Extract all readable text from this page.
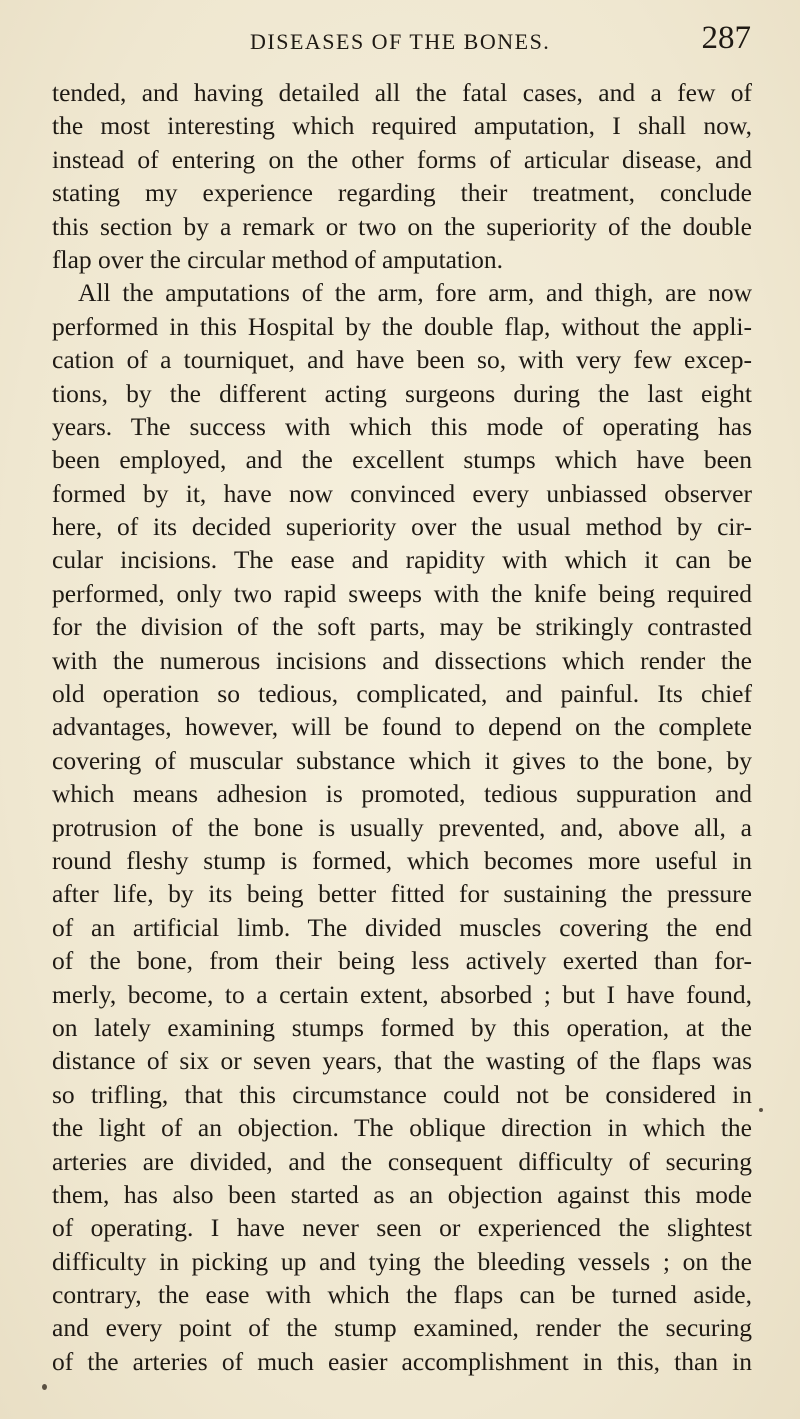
DISEASES OF THE BONES.	287
tended, and having detailed all the fatal cases, and a few of
the most interesting which required amputation, I shall now,
instead of entering on the other forms of articular disease, and
stating my experience regarding their treatment, conclude
this section by a remark or two on the superiority of the double
flap over the circular method of amputation.
All the amputations of the arm, fore arm, and thigh, are now
performed in this Hospital by the double flap, without the appli-
cation of a tourniquet, and have been so, with very few excep-
tions, by the different acting surgeons during the last eight
years. The success with which this mode of operating has
been employed, and the excellent stumps which have been
formed by it, have now convinced every unbiassed observer
here, of its decided superiority over the usual method by cir-
cular incisions. The ease and rapidity with which it can be
performed, only two rapid sweeps with the knife being required
for the division of the soft parts, may be strikingly contrasted
with the numerous incisions and dissections which render the
old operation so tedious, complicated, and painful. Its chief
advantages, however, will be found to depend on the complete
covering of muscular substance which it gives to the bone, by
which means adhesion is promoted, tedious suppuration and
protrusion of the bone is usually prevented, and, above all, a
round fleshy stump is formed, which becomes more useful in
after life, by its being better fitted for sustaining the pressure
of an artificial limb. The divided muscles covering the end
of the bone, from their being less actively exerted than for-
merly, become, to a certain extent, absorbed ; but I have found,
on lately examining stumps formed by this operation, at the
distance of six or seven years, that the wasting of the flaps was
so trifling, that this circumstance could not be considered in
the light of an objection. The oblique direction in which the
arteries are divided, and the consequent difficulty of securing
them, has also been started as an objection against this mode
of operating. I have never seen or experienced the slightest
difficulty in picking up and tying the bleeding vessels ; on the
contrary, the ease with which the flaps can be turned aside,
and every point of the stump examined, render the securing
of the arteries of much easier accomplishment in this, than in
